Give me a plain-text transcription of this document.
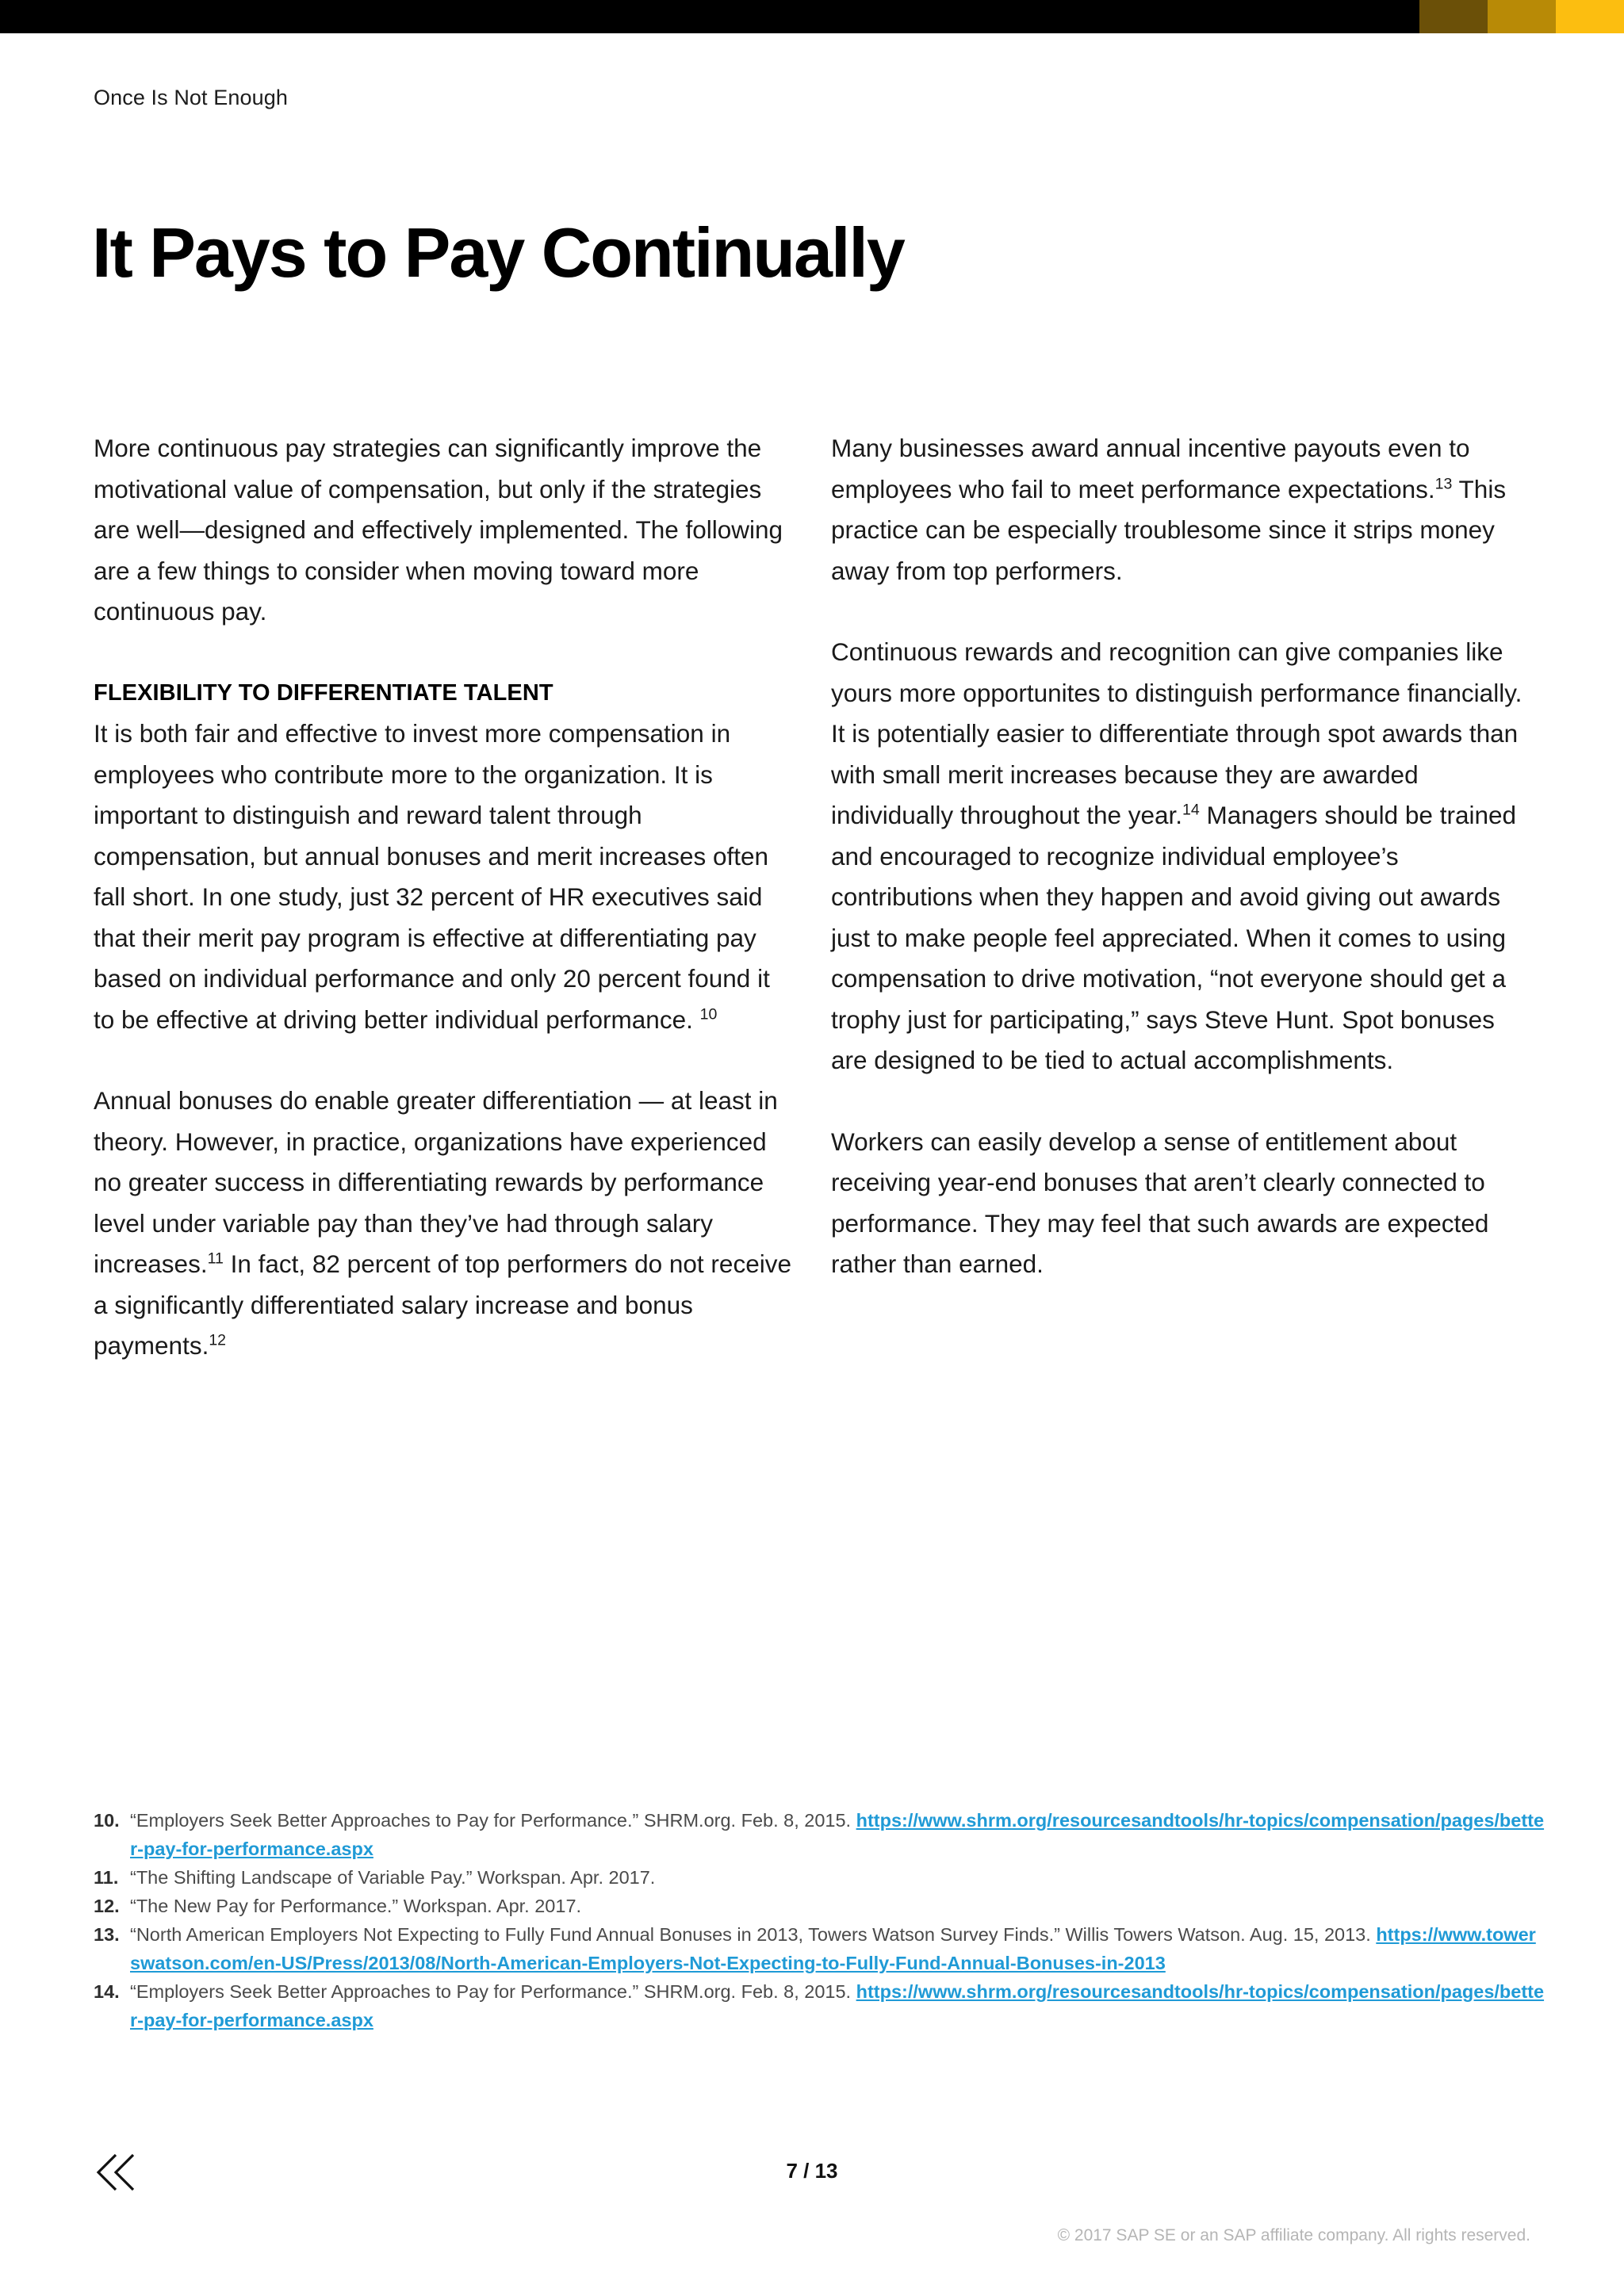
Once Is Not Enough
It Pays to Pay Continually

More continuous pay strategies can significantly improve the motivational value of compensation, but only if the strategies are well—designed and effectively implemented. The following are a few things to consider when moving toward more continuous pay.

FLEXIBILITY TO DIFFERENTIATE TALENT

It is both fair and effective to invest more compensation in employees who contribute more to the organization. It is important to distinguish and reward talent through compensation, but annual bonuses and merit increases often fall short. In one study, just 32 percent of HR executives said that their merit pay program is effective at differentiating pay based on individual performance and only 20 percent found it to be effective at driving better individual performance. $^{10}$

Annual bonuses do enable greater differentiation — at least in theory. However, in practice, organizations have experienced no greater success in differentiating rewards by performance level under variable pay than they’ve had through salary increases.$^{11}$ In fact, 82 percent of top performers do not receive a significantly differentiated salary increase and bonus payments.$^{12}$

Many businesses award annual incentive payouts even to employees who fail to meet performance expectations.$^{13}$ This practice can be especially troublesome since it strips money away from top performers.

Continuous rewards and recognition can give companies like yours more opportunites to distinguish performance financially. It is potentially easier to differentiate through spot awards than with small merit increases because they are awarded individually throughout the year.$^{14}$ Managers should be trained and encouraged to recognize individual employee’s contributions when they happen and avoid giving out awards just to make people feel appreciated. When it comes to using compensation to drive motivation, “not everyone should get a trophy just for participating,” says Steve Hunt. Spot bonuses are designed to be tied to actual accomplishments.

Workers can easily develop a sense of entitlement about receiving year-end bonuses that aren’t clearly connected to performance. They may feel that such awards are expected rather than earned.

10. “Employers Seek Better Approaches to Pay for Performance.” SHRM.org. Feb. 8, 2015. https://www.shrm.org/resourcesandtools/hr-topics/compensation/pages/better-pay-for-performance.aspx
11. “The Shifting Landscape of Variable Pay.” Workspan. Apr. 2017.
12. “The New Pay for Performance.” Workspan. Apr. 2017.
13. “North American Employers Not Expecting to Fully Fund Annual Bonuses in 2013, Towers Watson Survey Finds.” Willis Towers Watson. Aug. 15, 2013. https://www.towerswatson.com/en-US/Press/2013/08/North-American-Employers-Not-Expecting-to-Fully-Fund-Annual-Bonuses-in-2013
14. “Employers Seek Better Approaches to Pay for Performance.” SHRM.org. Feb. 8, 2015. https://www.shrm.org/resourcesandtools/hr-topics/compensation/pages/better-pay-for-performance.aspx
7 / 13
© 2017 SAP SE or an SAP affiliate company. All rights reserved.
